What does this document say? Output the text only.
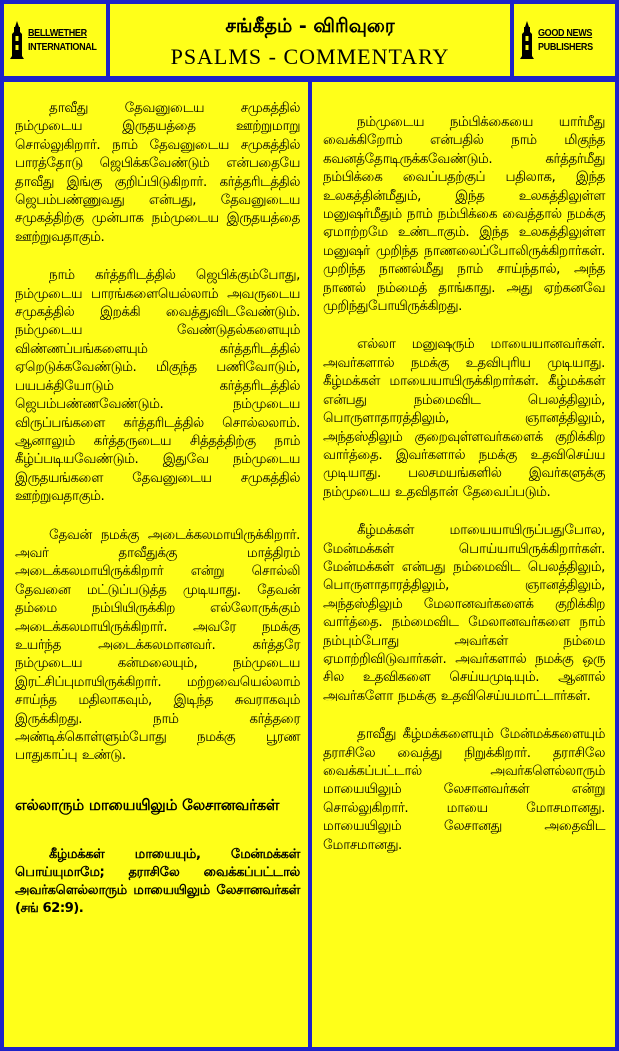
BELLWETHER
INTERNATIONAL
சங்கீதம் - விரிவுரை
PSALMS - COMMENTARY
GOOD NEWS
PUBLISHERS

தாவீது தேவனுடைய சமுகத்தில் நம்முடைய இருதயத்தை ஊற்றுமாறு சொல்லுகிறார். நாம் தேவனுடைய சமுகத்தில் பாரத்தோடு ஜெபிக்கவேண்டும் என்பதையே தாவீது இங்கு குறிப்பிடுகிறார். கர்த்தரிடத்தில் ஜெபம்பண்ணுவது என்பது, தேவனுடைய சமுகத்திற்கு முன்பாக நம்முடைய இருதயத்தை ஊற்றுவதாகும்.

நாம் கர்த்தரிடத்தில் ஜெபிக்கும்போது, நம்முடைய பாரங்களையெல்லாம் அவருடைய சமுகத்தில் இறக்கி வைத்துவிடவேண்டும். நம்முடைய வேண்டுதல்களையும் விண்ணப்பங்களையும் கர்த்தரிடத்தில் ஏறெடுக்கவேண்டும். மிகுந்த பணிவோடும், பயபக்தியோடும் கர்த்தரிடத்தில் ஜெபம்பண்ணவேண்டும். நம்முடைய விருப்பங்களை கர்த்தரிடத்தில் சொல்லலாம். ஆனாலும் கர்த்தருடைய சித்தத்திற்கு நாம் கீழ்ப்படியவேண்டும். இதுவே நம்முடைய இருதயங்களை தேவனுடைய சமுகத்தில் ஊற்றுவதாகும்.

தேவன் நமக்கு அடைக்கலமாயிருக்கிறார். அவர் தாவீதுக்கு மாத்திரம் அடைக்கலமாயிருக்கிறார் என்று சொல்லி தேவனை மட்டுப்படுத்த முடியாது. தேவன் தம்மை நம்பியிருக்கிற எல்லோருக்கும் அடைக்கலமாயிருக்கிறார். அவரே நமக்கு உயர்ந்த அடைக்கலமானவர். கர்த்தரே நம்முடைய கன்மலையும், நம்முடைய இரட்சிப்புமாயிருக்கிறார். மற்றவையெல்லாம் சாய்ந்த மதிலாகவும், இடிந்த சுவராகவும் இருக்கிறது. நாம் கர்த்தரை அண்டிக்கொள்ளும்போது நமக்கு பூரண பாதுகாப்பு உண்டு.

எல்லாரும் மாயையிலும் லேசானவர்கள்

கீழ்மக்கள் மாயையும், மேன்மக்கள் பொய்யுமாமே; தராசிலே வைக்கப்பட்டால் அவர்களெல்லாரும் மாயையிலும் லேசானவர்கள் (சங் 62:9).

நம்முடைய நம்பிக்கையை யார்மீது வைக்கிறோம் என்பதில் நாம் மிகுந்த கவனத்தோடிருக்கவேண்டும். கர்த்தர்மீது நம்பிக்கை வைப்பதற்குப் பதிலாக, இந்த உலகத்தின்மீதும், இந்த உலகத்திலுள்ள மனுஷர்மீதும் நாம் நம்பிக்கை வைத்தால் நமக்கு ஏமாற்றமே உண்டாகும். இந்த உலகத்திலுள்ள மனுஷர் முறிந்த நாணலைப்போலிருக்கிறார்கள். முறிந்த நாணல்மீது நாம் சாய்ந்தால், அந்த நாணல் நம்மைத் தாங்காது. அது ஏற்கனவே முறிந்துபோயிருக்கிறது.

எல்லா மனுஷரும் மாயையானவர்கள். அவர்களால் நமக்கு உதவிபுரிய முடியாது. கீழ்மக்கள் மாயையாயிருக்கிறார்கள். கீழ்மக்கள் என்பது நம்மைவிட பெலத்திலும், பொருளாதாரத்திலும், ஞானத்திலும், அந்தஸ்திலும் குறைவுள்ளவர்களைக் குறிக்கிற வார்த்தை. இவர்களால் நமக்கு உதவிசெய்ய முடியாது. பலசமயங்களில் இவர்களுக்கு நம்முடைய உதவிதான் தேவைப்படும்.

கீழ்மக்கள் மாயையாயிருப்பதுபோல, மேன்மக்கள் பொய்யாயிருக்கிறார்கள். மேன்மக்கள் என்பது நம்மைவிட பெலத்திலும், பொருளாதாரத்திலும், ஞானத்திலும், அந்தஸ்திலும் மேலானவர்களைக் குறிக்கிற வார்த்தை. நம்மைவிட மேலானவர்களை நாம் நம்பும்போது அவர்கள் நம்மை ஏமாற்றிவிடுவார்கள். அவர்களால் நமக்கு ஒரு சில உதவிகளை செய்யமுடியும். ஆனால் அவர்களோ நமக்கு உதவிசெய்யமாட்டார்கள்.

தாவீது கீழ்மக்களையும் மேன்மக்களையும் தராசிலே வைத்து நிறுக்கிறார். தராசிலே வைக்கப்பட்டால் அவர்களெல்லாரும் மாயையிலும் லேசானவர்கள் என்று சொல்லுகிறார். மாயை மோசமானது. மாயையிலும் லேசானது அதைவிட மோசமானது.
